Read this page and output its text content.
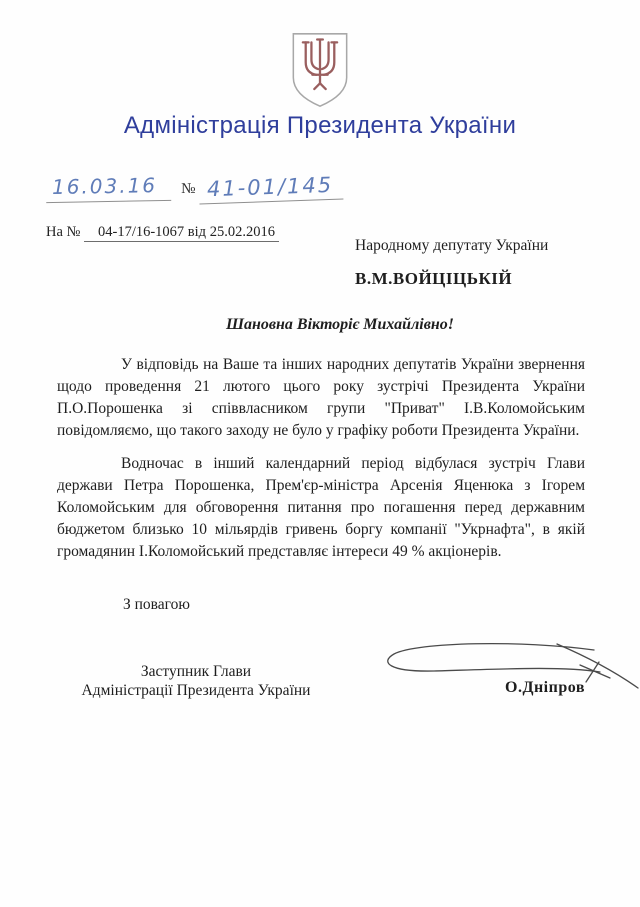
Адміністрація Президента України
16.03.16	№ 41-01/145
На № 04-17/16-1067 від 25.02.2016
Народному депутату України
В.М.ВОЙЦІЦЬКІЙ
Шановна Вікторіє Михайлівно!

У відповідь на Ваше та інших народних депутатів України звернення щодо проведення 21 лютого цього року зустрічі Президента України П.О.Порошенка зі співвласником групи "Приват" І.В.Коломойським повідомляємо, що такого заходу не було у графіку роботи Президента України.

Водночас в інший календарний період відбулася зустріч Глави держави Петра Порошенка, Прем'єр-міністра Арсенія Яценюка з Ігорем Коломойським для обговорення питання про погашення перед державним бюджетом близько 10 мільярдів гривень боргу компанії "Укрнафта", в якій громадянин І.Коломойський представляє інтереси 49 % акціонерів.

З повагою
Заступник Глави
Адміністрації Президента України	О.Дніпров
